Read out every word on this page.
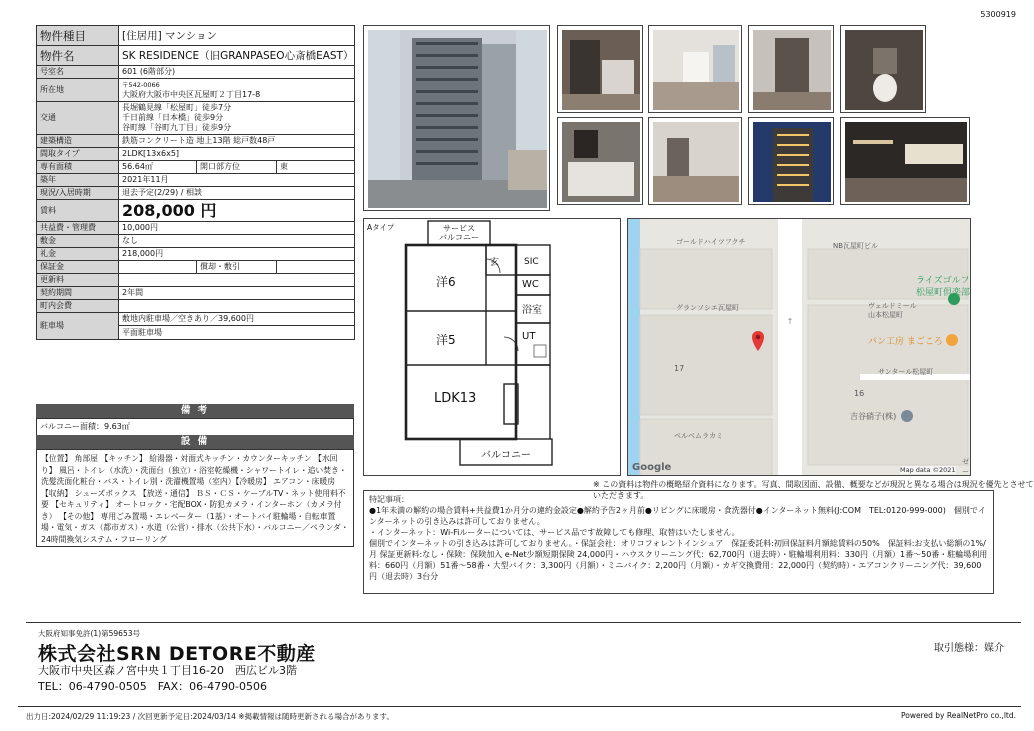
5300919
物件種目	[住居用] マンション		
物件名	SK RESIDENCE（旧GRANPASEO心斎橋EAST）		
号室名	601 (6階部分)		
所在地	〒542-0066
大阪府大阪市中央区瓦屋町２丁目17-8		

交通	長堀鶴見線「松屋町」徒歩7分
千日前線「日本橋」徒歩9分
谷町線「谷町九丁目」徒歩9分		

建築構造	鉄筋コンクリート造 地上13階 総戸数48戸		
間取タイプ	2LDK[13x6x5]		
専有面積	56.64㎡	開口部方位	東
築年	2021年11月		
現況/入居時期	退去予定(2/29) / 相談		
賃料	208,000 円		
共益費・管理費	10,000円		
敷金	なし		
礼金	218,000円		
保証金		償却・敷引	
更新料			
契約期間	2年間		
町内会費			
駐車場	敷地内駐車場／空きあり／39,600円
平面駐車場		
備 考
バルコニー面積：9.63㎡
設 備
【位置】 角部屋 【キッチン】 給湯器・対面式キッチン・カウンターキッチン 【水回り】 風呂・トイレ（水洗）・洗面台（独立）・浴室乾燥機・シャワートイレ・追い焚き・洗髪洗面化粧台・バス・トイレ別・洗濯機置場（室内）【冷暖房】 エアコン・床暖房 【収納】 シューズボックス 【放送・通信】 ＢＳ・ＣＳ・ケーブルTV・ネット使用料不要 【セキュリティ】 オートロック・宅配BOX・防犯カメラ・インターホン（カメラ付き） 【その他】 専用ごみ置場・エレベーター（1基）・オートバイ駐輪場・自転車置場・電気・ガス（都市ガス）・水道（公営）・排水（公共下水）・バルコニー／ベランダ・24時間換気システム・フローリング
Aタイプ	サービス
バルコニー
洋6
洋5
LDK13
玄	SIC
WC
浴室
UT
バルコニー
↑
ゴールドハイツフクチ	NB瓦屋町ビル
ライズゴルフ
松屋町倶楽部
ヴェルドミール
山本松屋町
グランソシエ瓦屋町
パン工房 まごころ
17	サンタール松屋町
16
吉谷硝子(株)
ベルベムラカミ
Google	Map data ©2021
ゼー
※ この資料は物件の概略紹介資料になります。写真、間取図面、設備、概要などが現況と異なる場合は現況を優先とさせていただきます。

特記事項：

●1年未満の解約の場合賃料+共益費1か月分の違約金設定●解約予告2ヶ月前●リビングに床暖房・食洗器付●インターネット無料(J:COM　TEL:0120-999-000)　個別でインターネットの引き込みは許可しておりません。

・インターネット：Wi-Fiルーターについては、サービス品です故障しても修理、取替はいたしません。

個別でインターネットの引き込みは許可しておりません。・保証会社：オリコフォレントインシュア　保証委託料:初回保証料月額総賃料の50%　保証料:お支払い総額の1%/月 保証更新料:なし・保険：保険加入 e-Net少額短期保険 24,000円・ハウスクリーニング代：62,700円（退去時）・駐輪場利用料：330円（月額）1番～50番・駐輪場利用料：660円（月額）51番～58番・大型バイク：3,300円（月額）・ミニバイク：2,200円（月額）・カギ交換費用：22,000円（契約時）・エアコンクリーニング代：39,600円（退去時）3台分

大阪府知事免許(1)第59653号
株式会社SRN DETORE不動産
大阪市中央区森ノ宮中央１丁目16-20　西広ビル3階
TEL：06-4790-0505　FAX：06-4790-0506
取引態様：媒介
出力日:2024/02/29 11:19:23 / 次回更新予定日:2024/03/14 ※掲載情報は随時更新される場合があります。	Powered by RealNetPro co.,ltd.
